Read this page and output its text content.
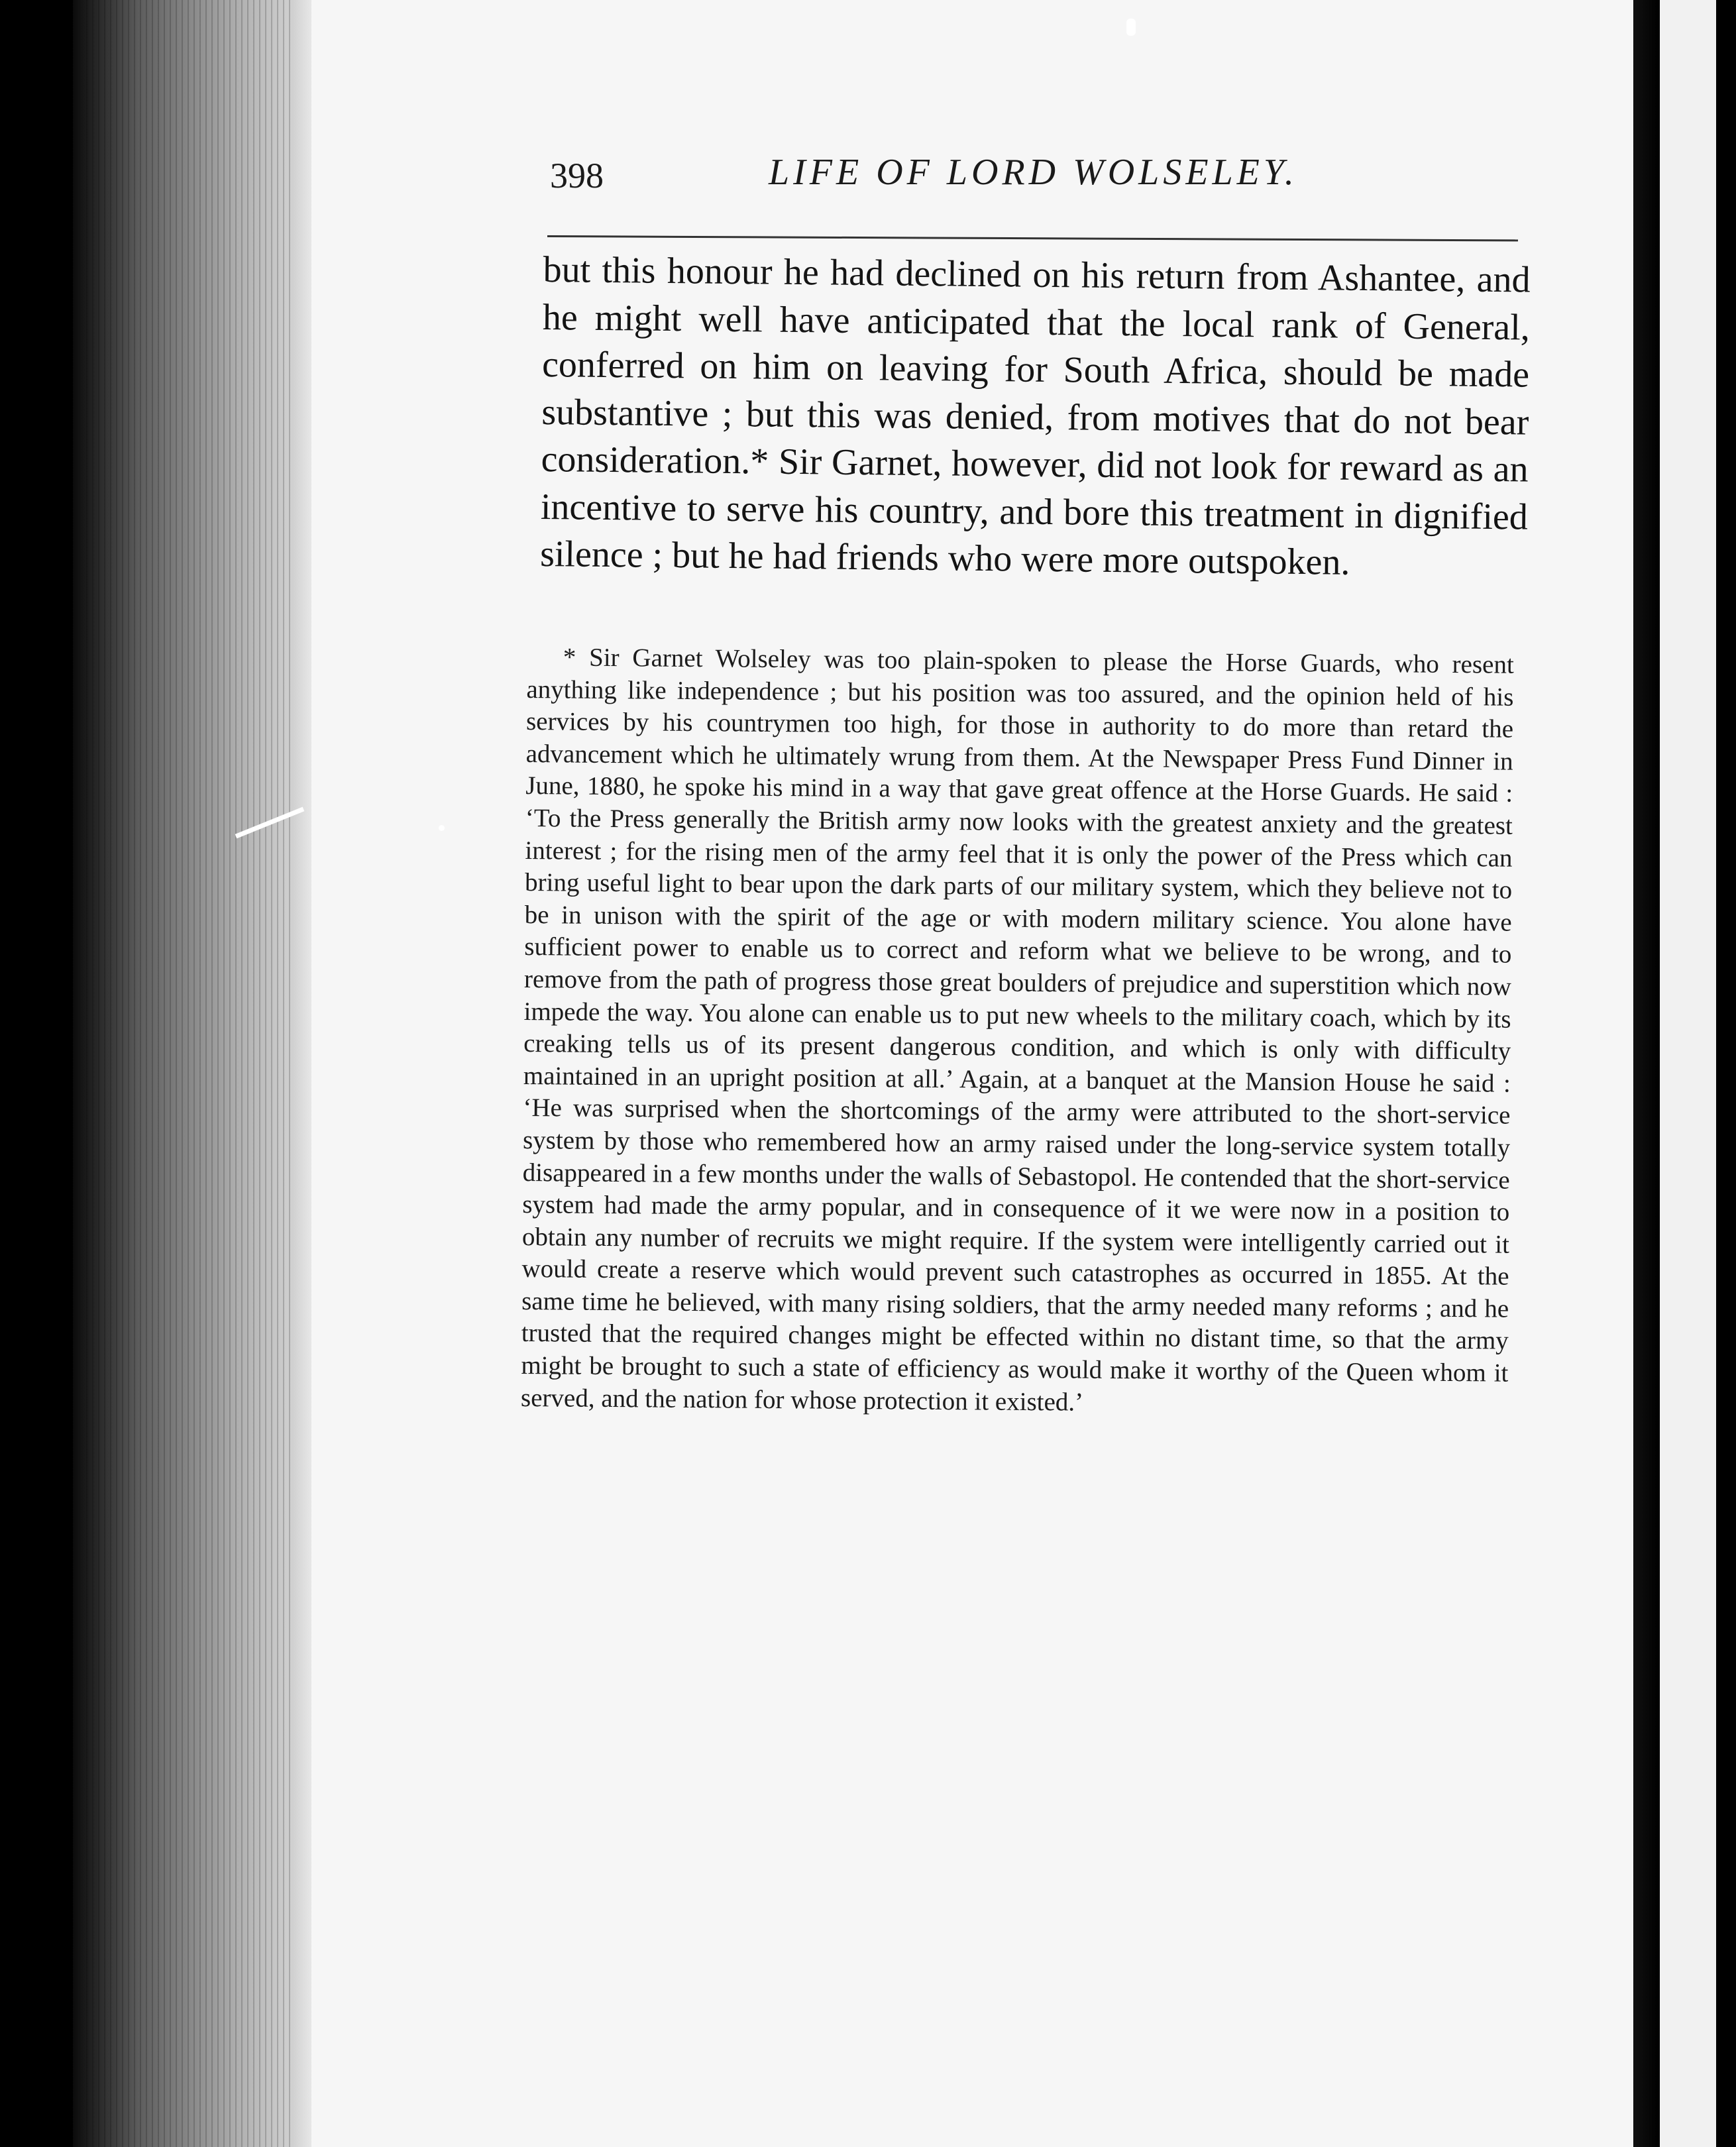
398	LIFE OF LORD WOLSELEY.

but this honour he had declined on his return from Ashantee, and he might well have anticipated that the local rank of General, conferred on him on leaving for South Africa, should be made substantive ; but this was denied, from motives that do not bear consideration.* Sir Garnet, however, did not look for reward as an incentive to serve his country, and bore this treatment in dignified silence ; but he had friends who were more outspoken.

* Sir Garnet Wolseley was too plain-spoken to please the Horse Guards, who resent anything like independence ; but his position was too assured, and the opinion held of his services by his countrymen too high, for those in authority to do more than retard the advancement which he ultimately wrung from them. At the Newspaper Press Fund Dinner in June, 1880, he spoke his mind in a way that gave great offence at the Horse Guards. He said : ‘To the Press generally the British army now looks with the greatest anxiety and the greatest interest ; for the rising men of the army feel that it is only the power of the Press which can bring useful light to bear upon the dark parts of our military system, which they believe not to be in unison with the spirit of the age or with modern military science. You alone have sufficient power to enable us to correct and reform what we believe to be wrong, and to remove from the path of progress those great boulders of prejudice and superstition which now impede the way. You alone can enable us to put new wheels to the military coach, which by its creaking tells us of its present dangerous condition, and which is only with difficulty maintained in an upright position at all.’ Again, at a banquet at the Mansion House he said : ‘He was surprised when the shortcomings of the army were attributed to the short-service system by those who remembered how an army raised under the long-service system totally disappeared in a few months under the walls of Sebastopol. He contended that the short-service system had made the army popular, and in consequence of it we were now in a position to obtain any number of recruits we might require. If the system were intelligently carried out it would create a reserve which would prevent such catastrophes as occurred in 1855. At the same time he believed, with many rising soldiers, that the army needed many reforms ; and he trusted that the required changes might be effected within no distant time, so that the army might be brought to such a state of efficiency as would make it worthy of the Queen whom it served, and the nation for whose protection it existed.’
